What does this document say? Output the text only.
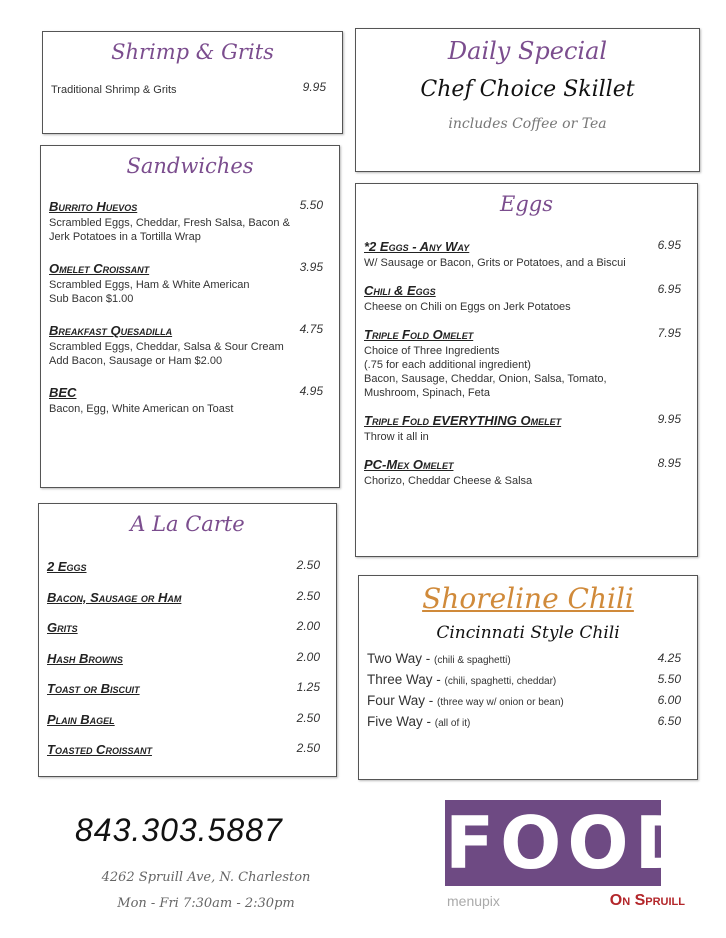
Shrimp & Grits
Traditional Shrimp & Grits	9.95
Daily Special
Chef Choice Skillet
includes Coffee or Tea
Sandwiches
Burrito Huevos	5.50
Scrambled Eggs, Cheddar, Fresh Salsa, Bacon &
Jerk Potatoes in a Tortilla Wrap
Omelet Croissant	3.95
Scrambled Eggs, Ham & White American
Sub Bacon $1.00
Breakfast Quesadilla	4.75
Scrambled Eggs, Cheddar, Salsa & Sour Cream
Add Bacon, Sausage or Ham $2.00
BEC	4.95
Bacon, Egg, White American on Toast
Eggs
*2 Eggs - Any Way	6.95
W/ Sausage or Bacon, Grits or Potatoes, and a Biscui
Chili & Eggs	6.95
Cheese on Chili on Eggs on Jerk Potatoes
Triple Fold Omelet	7.95
Choice of Three Ingredients
(.75 for each additional ingredient)
Bacon, Sausage, Cheddar, Onion, Salsa, Tomato,
Mushroom, Spinach, Feta
Triple Fold EVERYTHING Omelet	9.95
Throw it all in
PC-Mex Omelet	8.95
Chorizo, Cheddar Cheese & Salsa
A La Carte
2 Eggs	2.50
Bacon, Sausage or Ham	2.50
Grits	2.00
Hash Browns	2.00
Toast or Biscuit	1.25
Plain Bagel	2.50
Toasted Croissant	2.50
Shoreline Chili
Cincinnati Style Chili
Two Way - (chili & spaghetti)	4.25
Three Way - (chili, spaghetti, cheddar)	5.50
Four Way - (three way w/ onion or bean)	6.00
Five Way - (all of it)	6.50
843.303.5887
4262 Spruill Ave, N. Charleston
Mon - Fri 7:30am - 2:30pm
FOOD
menupix	On Spruill
